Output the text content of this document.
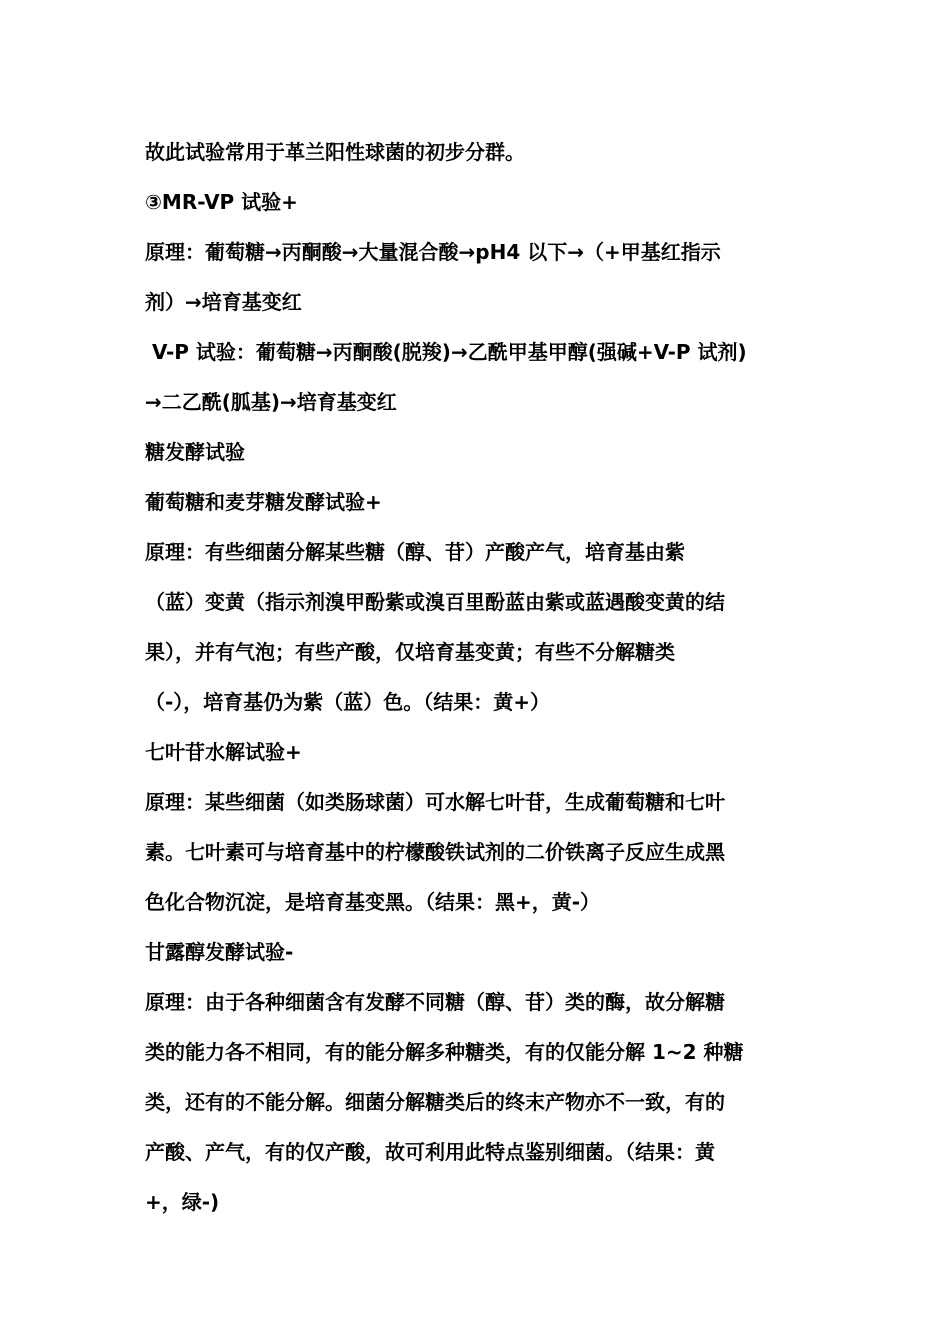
故此试验常用于革兰阳性球菌的初步分群。
③MR-VP 试验+
原理：葡萄糖→丙酮酸→大量混合酸→pH4 以下→（+甲基红指示
剂）→培育基变红
V-P 试验：葡萄糖→丙酮酸(脱羧)→乙酰甲基甲醇(强碱+V-P 试剂)
→二乙酰(胍基)→培育基变红
糖发酵试验
葡萄糖和麦芽糖发酵试验+
原理：有些细菌分解某些糖（醇、苷）产酸产气，培育基由紫
（蓝）变黄（指示剂溴甲酚紫或溴百里酚蓝由紫或蓝遇酸变黄的结
果），并有气泡；有些产酸，仅培育基变黄；有些不分解糖类
（-），培育基仍为紫（蓝）色。（结果：黄+）
七叶苷水解试验+
原理：某些细菌（如类肠球菌）可水解七叶苷，生成葡萄糖和七叶
素。七叶素可与培育基中的柠檬酸铁试剂的二价铁离子反应生成黑
色化合物沉淀，是培育基变黑。（结果：黑+，黄-）
甘露醇发酵试验-
原理：由于各种细菌含有发酵不同糖（醇、苷）类的酶，故分解糖
类的能力各不相同，有的能分解多种糖类，有的仅能分解 1~2 种糖
类，还有的不能分解。细菌分解糖类后的终末产物亦不一致，有的
产酸、产气，有的仅产酸，故可利用此特点鉴别细菌。（结果：黄
+，绿-)
